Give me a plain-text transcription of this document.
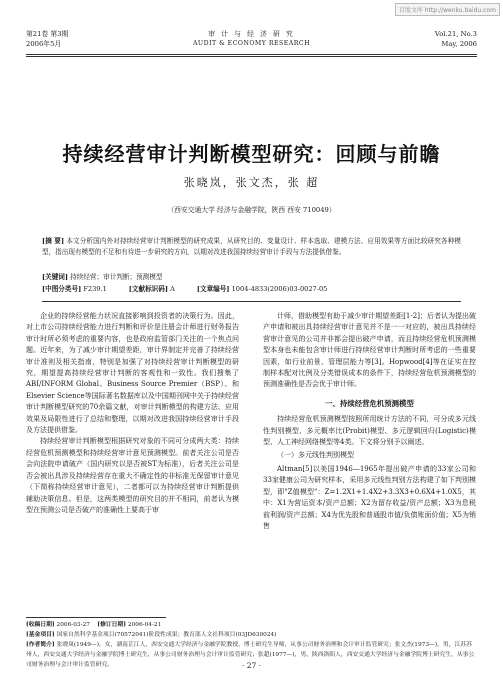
百度文库 http://wenku.baidu.com
第21卷 第3期	审 计 与 经 济 研 究	Vol.21, No.3
2006年5月	AUDIT & ECONOMY RESEARCH	May, 2006
持续经营审计判断模型研究：回顾与前瞻
张晓岚，张文杰，张 超
（西安交通大学 经济与金融学院，陕西 西安 710049）
[摘 要] 本文分析国内外对持续经营审计判断模型的研究成果，从研究目的、变量设计、样本选取、建模方法、应用效果等方面比较研究各种模型，指出现有模型的不足和有待进一步研究的方向，以期对改进我国持续经营审计手段与方法提供借鉴。
[关键词] 持续经营；审计判断；预测模型
[中图分类号] F239.1	[文献标识码] A	[文章编号] 1004-4833(2006)03-0027-05

企业的持续经营能力状况直接影响到投资者的决策行为。因此，对上市公司持续经营能力进行判断和评价是注册会计师进行财务报告审计时所必须考虑的重要内容，也是政府监管部门关注的一个焦点问题。近年来，为了减少审计期望差距，审计界制定并完善了持续经营审计准则及相关指南，特别是加强了对持续经营审计判断模型的研究，期望提高持续经营审计判断的客观性和一致性。我们搜集了ABI/INFORM Global、Business Source Premier（BSP）、和Elsevier Science等国际著名数据库以及中国期刊网中关于持续经营审计判断模型研究的70余篇文献，对审计判断模型的构建方法、应用效果及局限性进行了总结和整理，以期对改进我国持续经营审计手段及方法提供借鉴。

持续经营审计判断模型根据研究对象的不同可分成两大类：持续经营危机预测模型和持续经营审计意见预测模型。前者关注公司是否会向法院申请破产（国内研究以是否被ST为标准），后者关注公司是否会被出具涉及持续经营存在重大不确定性的非标准无保留审计意见（下简称持续经营审计意见），二者都可以为持续经营审计判断提供辅助决策信息。但是，这两类模型的研究目的并不相同，前者认为模型在预测公司是否破产的准确性上要高于审

计师，借助模型有助于减少审计期望差距[1-2]；后者认为提出破产申请和被出具持续经营审计意见并不是一一对应的，被出具持续经营审计意见的公司并非都会提出破产申请，而且持续经营危机预测模型本身也未能包含审计师进行持续经营审计判断时所考虑的一些重要因素，如行业前景、管理层能力等[3]。Hopwood[4]等在证实在控制样本配对比例及分类错误成本的条件下，持续经营危机预测模型的预测准确性是否会优于审计师。

一、持续经营危机预测模型

持续经营危机预测模型按照所用统计方法的不同，可分成多元线性判别模型、多元概率比(Probit)模型、多元逻辑回归(Logistic)模型、人工神经网络模型等4类。下文将分别予以阐述。

（一）多元线性判别模型

Altman[5]以美国1946—1965年提出破产申请的33家公司和33家健康公司为研究样本，采用多元线性判别方法构建了如下判别模型，即"Z值模型"：Z=1.2X1+1.4X2+3.3X3+0.6X4+1.0X5，其中：X1为营运资本/资产总额；X2为留存收益/资产总额；X3为息税前利润/资产总额；X4为优先股和普通股市值/负债账面价值；X5为销售

[收稿日期] 2006-03-27 [修订日期] 2006-04-21
[基金项目] 国家自然科学基金项目(70572041)阶段性成果；教育部人文社科项目(03JD630024)
[作者简介] 张晓岚(1949—)，女，湖南芷江人，西安交通大学经济与金融学院教授，博士研究生导师，从事公司财务治理和会计审计监管研究；张文杰(1973—)，男，江苏苏州人，西安交通大学经济与金融学院博士研究生，从事公司财务治理与会计审计监管研究；张超(1977—)，男，陕西洛阳人，西安交通大学经济与金融学院博士研究生，从事公司财务治理与会计审计监管研究。	· 27 ·
